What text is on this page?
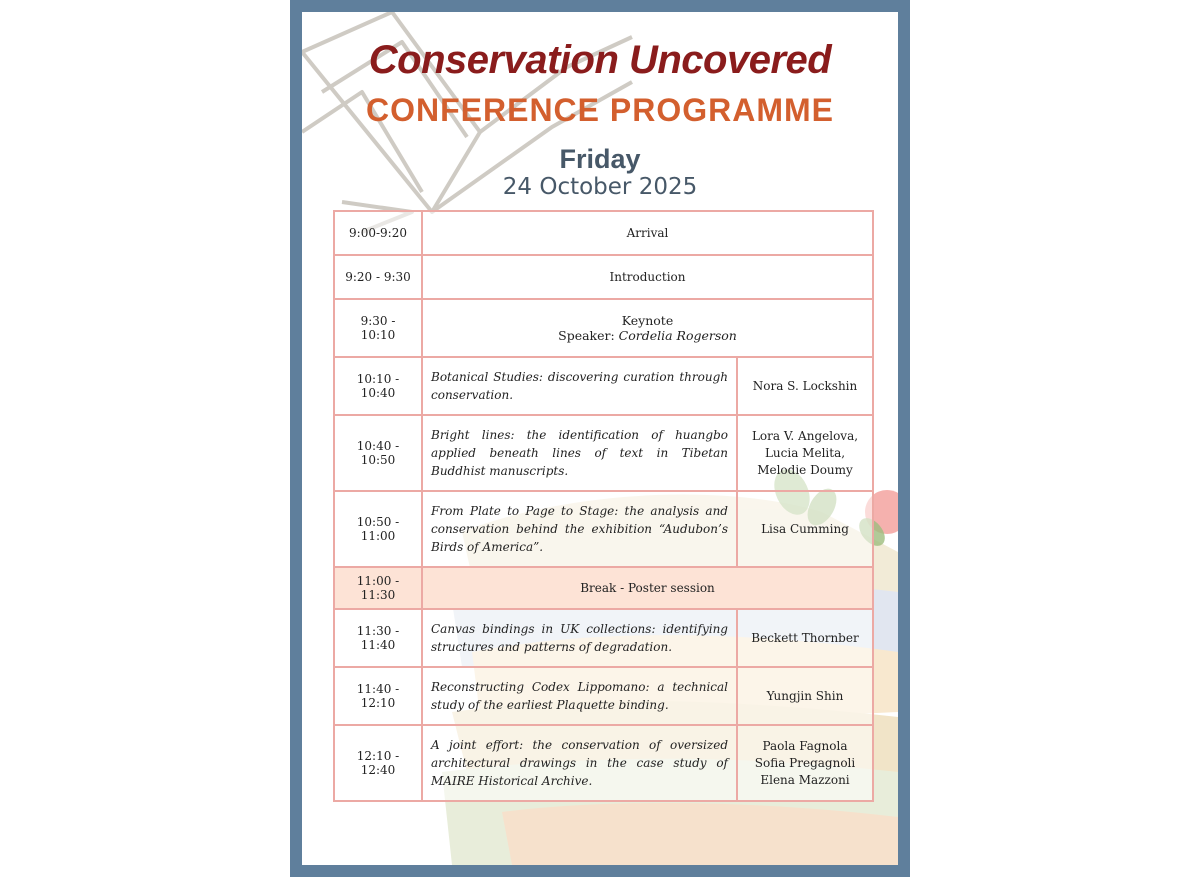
Conservation Uncovered
CONFERENCE PROGRAMME
Friday
24 October 2025
9:00-9:20	Arrival	
9:20 - 9:30	Introduction	
9:30 - 10:10	Keynote
Speaker: Cordelia Rogerson	

10:10 - 10:40	Botanical Studies: discovering curation through conservation.	Nora S. Lockshin

10:40 - 10:50	Bright lines: the identification of huangbo applied beneath lines of text in Tibetan Buddhist manuscripts.	Lora V. Angelova,
Lucia Melita,
Melodie Doumy

10:50 - 11:00	From Plate to Page to Stage: the analysis and conservation behind the exhibition “Audubon’s Birds of America”.	Lisa Cumming

11:00 - 11:30	Break - Poster session	
11:30 - 11:40	Canvas bindings in UK collections: identifying structures and patterns of degradation.	Beckett Thornber

11:40 - 12:10	Reconstructing Codex Lippomano: a technical study of the earliest Plaquette binding.	Yungjin Shin

12:10 - 12:40	A joint effort: the conservation of oversized architectural drawings in the case study of MAIRE Historical Archive.	Paola Fagnola
Sofia Pregagnoli
Elena Mazzoni
